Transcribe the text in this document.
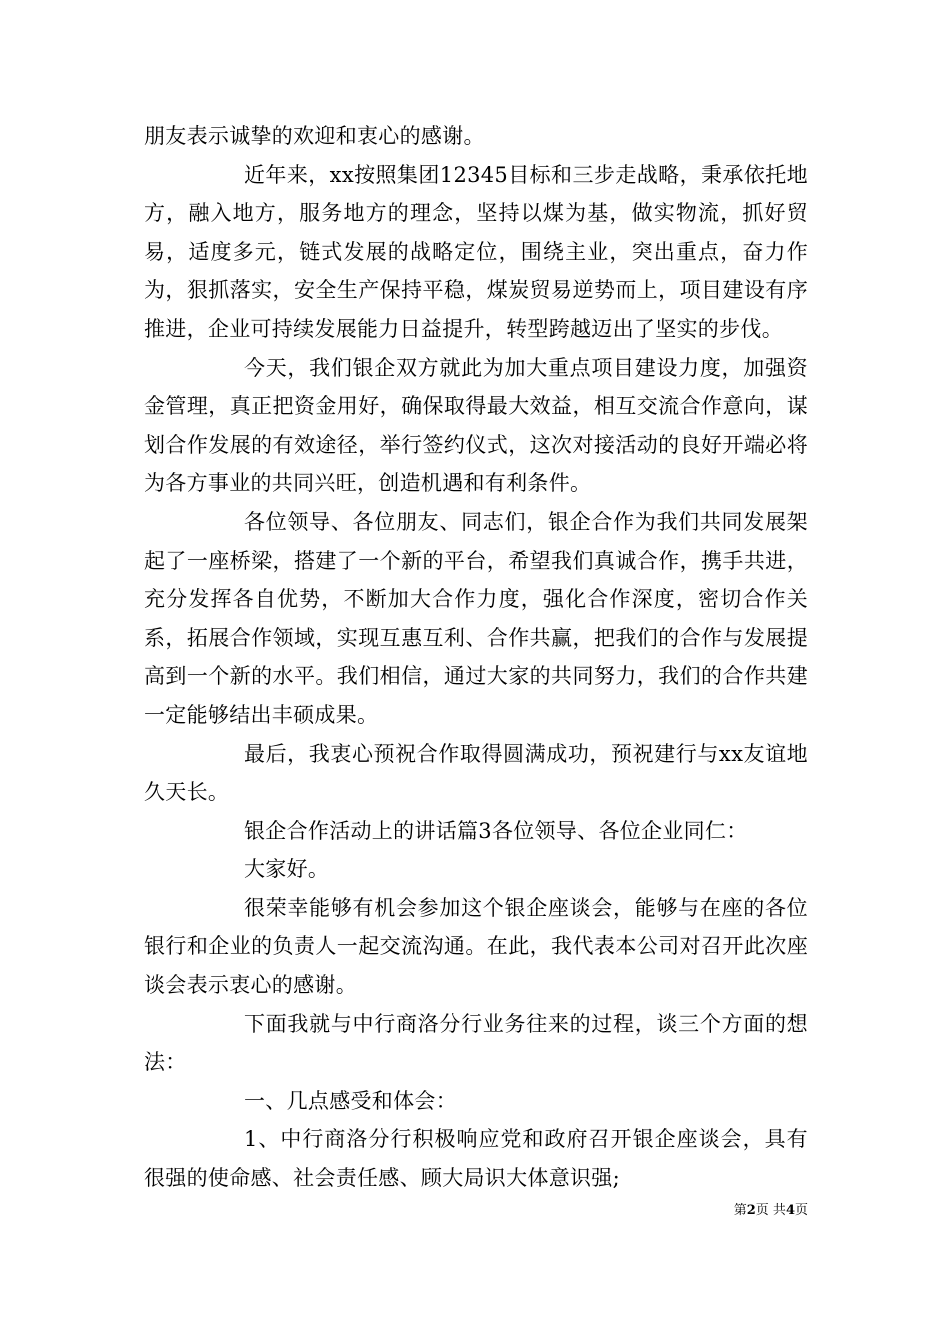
朋友表示诚挚的欢迎和衷心的感谢。

近年来，xx按照集团12345目标和三步走战略，秉承依托地方，融入地方，服务地方的理念，坚持以煤为基，做实物流，抓好贸易，适度多元，链式发展的战略定位，围绕主业，突出重点，奋力作为，狠抓落实，安全生产保持平稳，煤炭贸易逆势而上，项目建设有序推进，企业可持续发展能力日益提升，转型跨越迈出了坚实的步伐。

今天，我们银企双方就此为加大重点项目建设力度，加强资金管理，真正把资金用好，确保取得最大效益，相互交流合作意向，谋划合作发展的有效途径，举行签约仪式，这次对接活动的良好开端必将为各方事业的共同兴旺，创造机遇和有利条件。

各位领导、各位朋友、同志们，银企合作为我们共同发展架起了一座桥梁，搭建了一个新的平台，希望我们真诚合作，携手共进，充分发挥各自优势，不断加大合作力度，强化合作深度，密切合作关系，拓展合作领域，实现互惠互利、合作共赢，把我们的合作与发展提高到一个新的水平。我们相信，通过大家的共同努力，我们的合作共建一定能够结出丰硕成果。

最后，我衷心预祝合作取得圆满成功，预祝建行与xx友谊地久天长。

银企合作活动上的讲话篇3各位领导、各位企业同仁：

大家好。

很荣幸能够有机会参加这个银企座谈会，能够与在座的各位银行和企业的负责人一起交流沟通。在此，我代表本公司对召开此次座谈会表示衷心的感谢。

下面我就与中行商洛分行业务往来的过程，谈三个方面的想法：

一、几点感受和体会：

1、中行商洛分行积极响应党和政府召开银企座谈会，具有很强的使命感、社会责任感、顾大局识大体意识强;

第2页 共4页
